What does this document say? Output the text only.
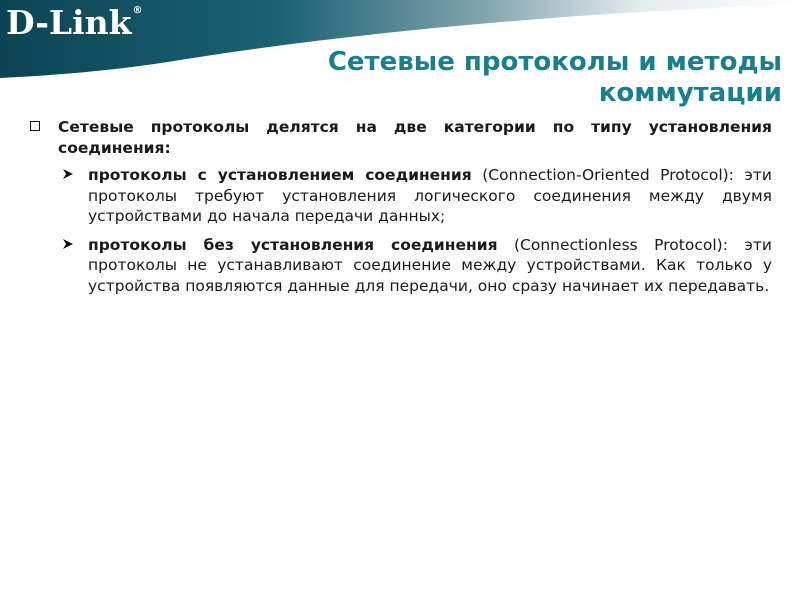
D-Link®
Сетевые протоколы и методы
коммутации
Сетевые протоколы делятся на две категории по типу установления соединения:
протоколы с установлением соединения (Connection-Oriented Protocol): эти протоколы требуют установления логического соединения между двумя устройствами до начала передачи данных;
протоколы без установления соединения (Connectionless Protocol): эти протоколы не устанавливают соединение между устройствами. Как только у устройства появляются данные для передачи, оно сразу начинает их передавать.
